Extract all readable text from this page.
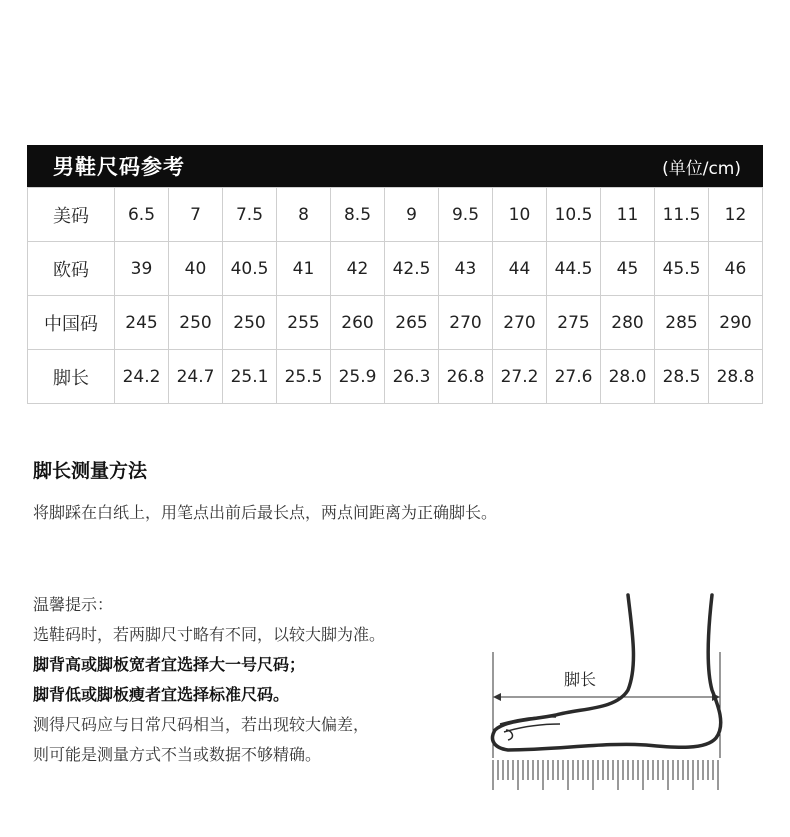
男鞋尺码参考	(单位/cm)
美码	6.5	7	7.5	8	8.5	9	9.5	10	10.5	11	11.5	12
欧码	39	40	40.5	41	42	42.5	43	44	44.5	45	45.5	46
中国码	245	250	250	255	260	265	270	270	275	280	285	290
脚长	24.2	24.7	25.1	25.5	25.9	26.3	26.8	27.2	27.6	28.0	28.5	28.8
脚长测量方法
将脚踩在白纸上，用笔点出前后最长点，两点间距离为正确脚长。
温馨提示：
选鞋码时，若两脚尺寸略有不同，以较大脚为准。
脚背高或脚板宽者宜选择大一号尺码；
脚背低或脚板瘦者宜选择标准尺码。
测得尺码应与日常尺码相当，若出现较大偏差，
则可能是测量方式不当或数据不够精确。
脚长
